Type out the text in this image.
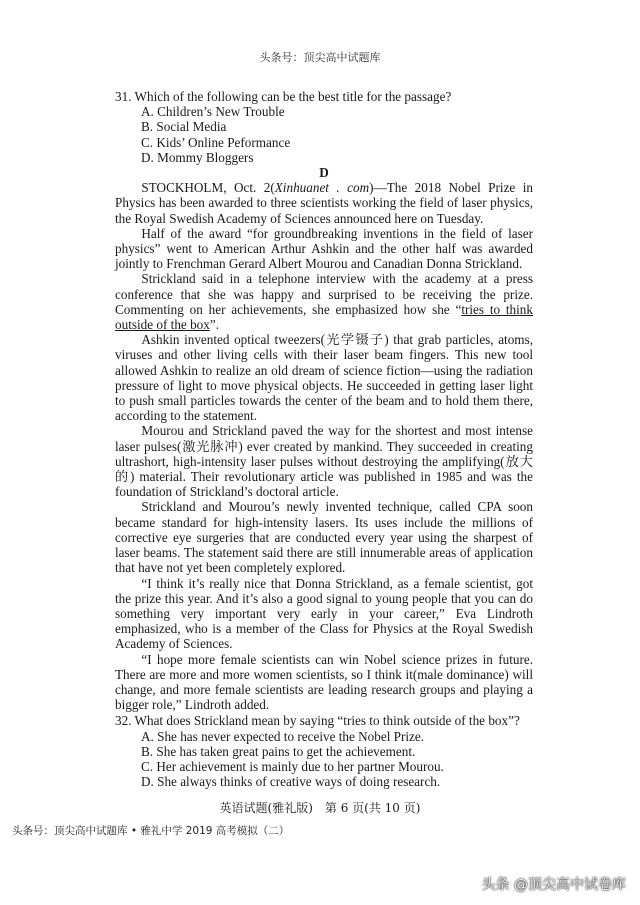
头条号：顶尖高中试题库

31. Which of the following can be the best title for the passage?

A. Children’s New Trouble

B. Social Media

C. Kids’ Online Peformance

D. Mommy Bloggers

D

STOCKHOLM, Oct. 2(Xinhuanet . com)—The 2018 Nobel Prize in Physics has been awarded to three scientists working the field of laser physics, the Royal Swedish Academy of Sciences announced here on Tuesday.

Half of the award “for groundbreaking inventions in the field of laser physics” went to American Arthur Ashkin and the other half was awarded jointly to Frenchman Gerard Albert Mourou and Canadian Donna Strickland.

Strickland said in a telephone interview with the academy at a press conference that she was happy and surprised to be receiving the prize. Commenting on her achievements, she emphasized how she “tries to think outside of the box”.

Ashkin invented optical tweezers(光学镊子) that grab particles, atoms, viruses and other living cells with their laser beam fingers. This new tool allowed Ashkin to realize an old dream of science fiction—using the radiation pressure of light to move physical objects. He succeeded in getting laser light to push small particles towards the center of the beam and to hold them there, according to the statement.

Mourou and Strickland paved the way for the shortest and most intense laser pulses(激光脉冲) ever created by mankind. They succeeded in creating ultrashort, high-intensity laser pulses without destroying the amplifying(放大的) material. Their revolutionary article was published in 1985 and was the foundation of Strickland’s doctoral article.

Strickland and Mourou’s newly invented technique, called CPA soon became standard for high-intensity lasers. Its uses include the millions of corrective eye surgeries that are conducted every year using the sharpest of laser beams. The statement said there are still innumerable areas of application that have not yet been completely explored.

“I think it’s really nice that Donna Strickland, as a female scientist, got the prize this year. And it’s also a good signal to young people that you can do something very important very early in your career,” Eva Lindroth emphasized, who is a member of the Class for Physics at the Royal Swedish Academy of Sciences.

“I hope more female scientists can win Nobel science prizes in future. There are more and more women scientists, so I think it(male dominance) will change, and more female scientists are leading research groups and playing a bigger role,” Lindroth added.

32. What does Strickland mean by saying “tries to think outside of the box”?

A. She has never expected to receive the Nobel Prize.

B. She has taken great pains to get the achievement.

C. Her achievement is mainly due to her partner Mourou.

D. She always thinks of creative ways of doing research.

英语试题(雅礼版)　第 6 页(共 10 页)
头条号：顶尖高中试题库 • 雅礼中学 2019 高考模拟（二）
头条 @顶尖高中试卷库
